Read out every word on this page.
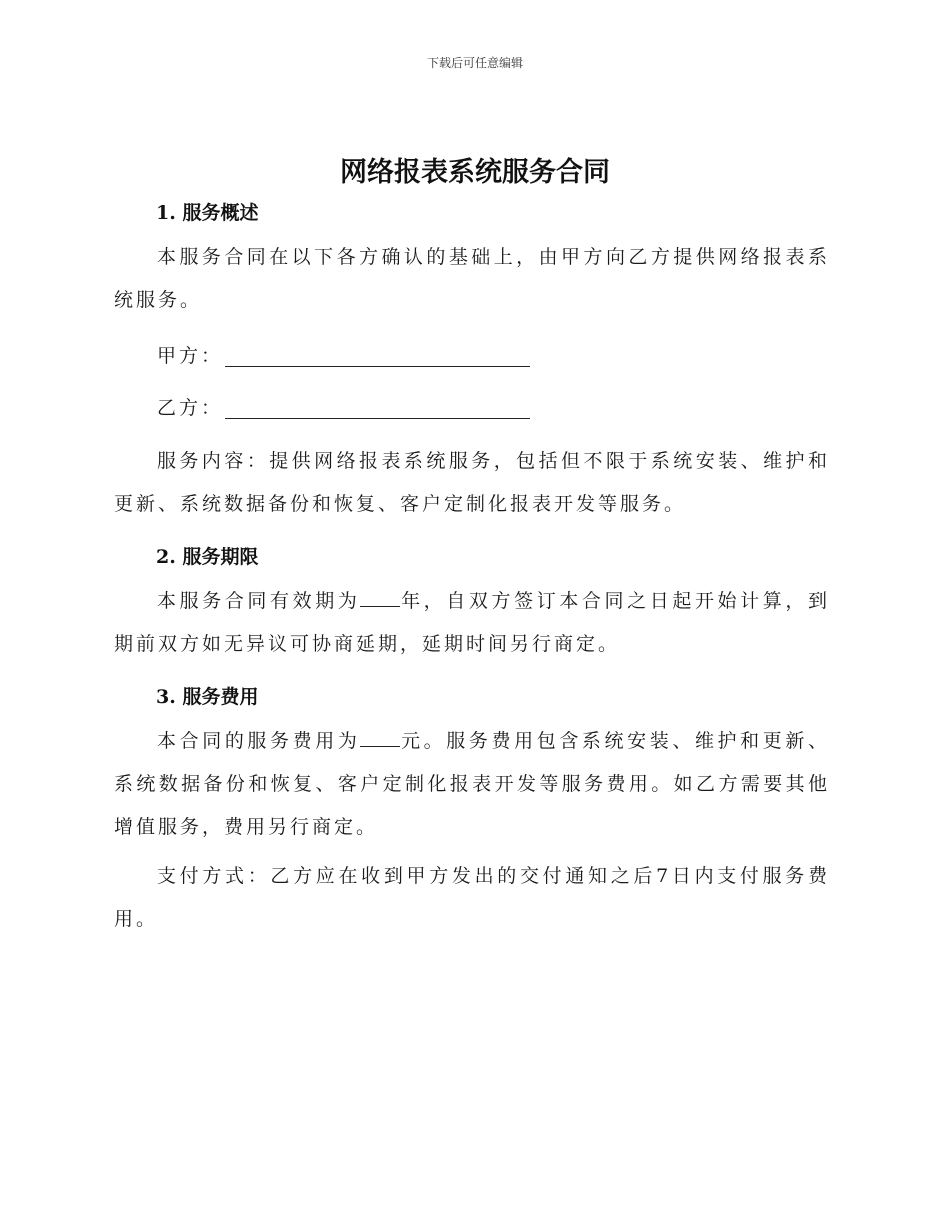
下载后可任意编辑
网络报表系统服务合同
1. 服务概述

本服务合同在以下各方确认的基础上，由甲方向乙方提供网络报表系统服务。

甲方：
乙方：

服务内容：提供网络报表系统服务，包括但不限于系统安装、维护和更新、系统数据备份和恢复、客户定制化报表开发等服务。

2. 服务期限

本服务合同有效期为 年，自双方签订本合同之日起开始计算，到期前双方如无异议可协商延期，延期时间另行商定。

3. 服务费用

本合同的服务费用为 元。服务费用包含系统安装、维护和更新、系统数据备份和恢复、客户定制化报表开发等服务费用。如乙方需要其他增值服务，费用另行商定。

支付方式：乙方应在收到甲方发出的交付通知之后7日内支付服务费用。
